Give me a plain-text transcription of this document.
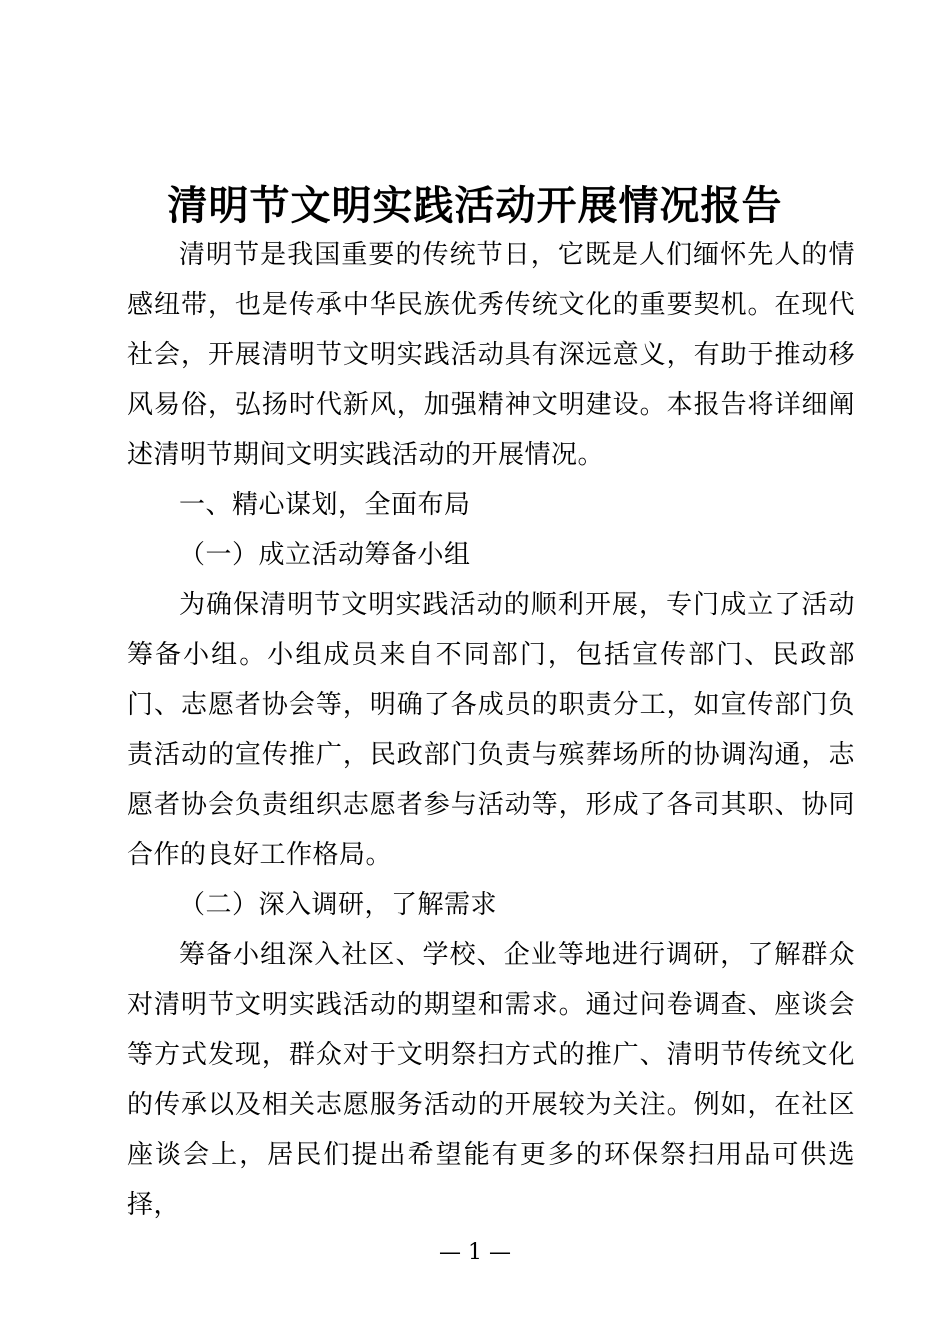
清明节文明实践活动开展情况报告

清明节是我国重要的传统节日，它既是人们缅怀先人的情感纽带，也是传承中华民族优秀传统文化的重要契机。在现代社会，开展清明节文明实践活动具有深远意义，有助于推动移风易俗，弘扬时代新风，加强精神文明建设。本报告将详细阐述清明节期间文明实践活动的开展情况。

一、精心谋划，全面布局

（一）成立活动筹备小组

为确保清明节文明实践活动的顺利开展，专门成立了活动筹备小组。小组成员来自不同部门，包括宣传部门、民政部门、志愿者协会等，明确了各成员的职责分工，如宣传部门负责活动的宣传推广，民政部门负责与殡葬场所的协调沟通，志愿者协会负责组织志愿者参与活动等，形成了各司其职、协同合作的良好工作格局。

（二）深入调研，了解需求

筹备小组深入社区、学校、企业等地进行调研，了解群众对清明节文明实践活动的期望和需求。通过问卷调查、座谈会等方式发现，群众对于文明祭扫方式的推广、清明节传统文化的传承以及相关志愿服务活动的开展较为关注。例如，在社区座谈会上，居民们提出希望能有更多的环保祭扫用品可供选择，

— 1 —
